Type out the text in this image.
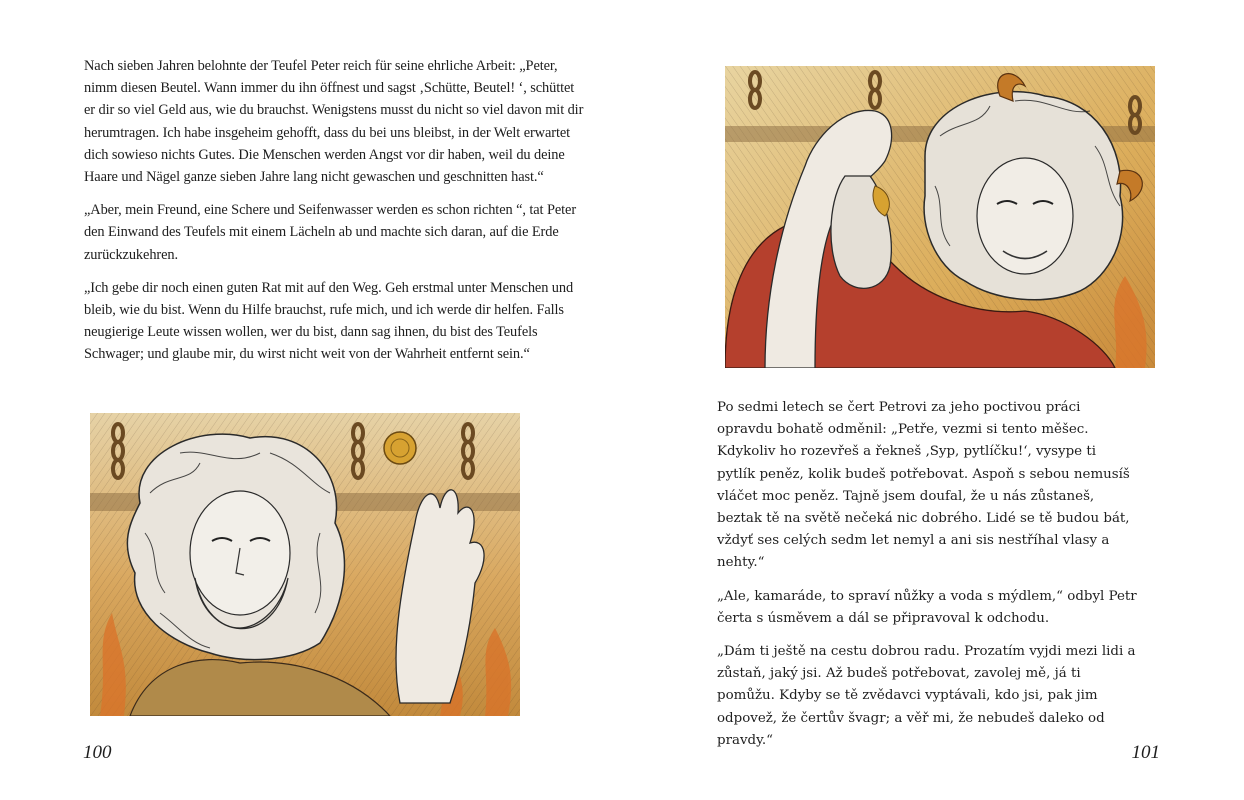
Nach sieben Jahren belohnte der Teufel Peter reich für seine ehrliche Arbeit: „Peter, nimm diesen Beutel. Wann immer du ihn öffnest und sagst ‚Schütte, Beutel! ‘, schüttet er dir so viel Geld aus, wie du brauchst. Wenigstens musst du nicht so viel davon mit dir herumtragen. Ich habe insgeheim gehofft, dass du bei uns bleibst, in der Welt erwartet dich sowieso nichts Gutes. Die Menschen werden Angst vor dir haben, weil du deine Haare und Nägel ganze sieben Jahre lang nicht gewaschen und geschnitten hast.“

„Aber, mein Freund, eine Schere und Seifenwasser werden es schon richten “, tat Peter den Einwand des Teufels mit einem Lächeln ab und machte sich daran, auf die Erde zurückzukehren.

„Ich gebe dir noch einen guten Rat mit auf den Weg. Geh erstmal unter Menschen und bleib, wie du bist. Wenn du Hilfe brauchst, rufe mich, und ich werde dir helfen. Falls neugierige Leute wissen wollen, wer du bist, dann sag ihnen, du bist des Teufels Schwager; und glaube mir, du wirst nicht weit von der Wahrheit entfernt sein.“

100

Po sedmi letech se čert Petrovi za jeho poctivou práci opravdu bohatě odměnil: „Petře, vezmi si tento měšec. Kdykoliv ho rozevřeš a řekneš ‚Syp, pytlíčku!‘, vysype ti pytlík peněz, kolik budeš potřebovat. Aspoň s sebou nemusíš vláčet moc peněz. Tajně jsem doufal, že u nás zůstaneš, beztak tě na světě nečeká nic dobrého. Lidé se tě budou bát, vždyť ses celých sedm let nemyl a ani sis nestříhal vlasy a nehty.“

„Ale, kamaráde, to spraví nůžky a voda s mýdlem,“ odbyl Petr čerta s úsměvem a dál se připravoval k odchodu.

„Dám ti ještě na cestu dobrou radu. Prozatím vyjdi mezi lidi a zůstaň, jaký jsi. Až budeš potřebovat, zavolej mě, já ti pomůžu. Kdyby se tě zvědavci vyptávali, kdo jsi, pak jim odpovež, že čertův švagr; a věř mi, že nebudeš daleko od pravdy.“

101
